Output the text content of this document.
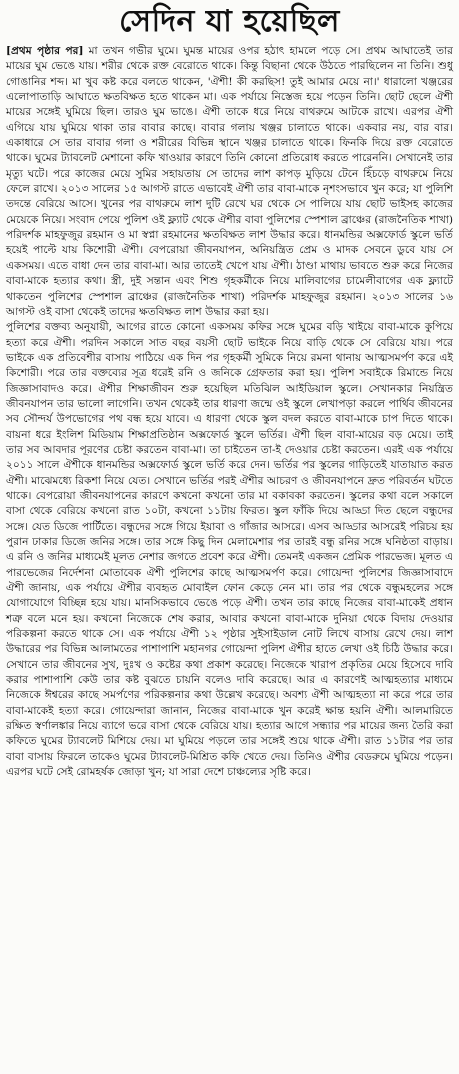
সেদিন যা হয়েছিল

[প্রথম পৃষ্ঠার পর] মা তখন গভীর ঘুমে। ঘুমন্ত মায়ের ওপর হঠাৎ হামলে পড়ে সে। প্রথম আঘাতেই তার মায়ের ঘুম ভেঙে যায়। শরীর থেকে রক্ত বেরোতে থাকে। কিন্তু বিছানা থেকে উঠতে পারছিলেন না তিনি। শুধু গোঙানির শব্দ। মা খুব কষ্ট করে বলতে থাকেন, 'ঐশী! কী করছিস! তুই আমার মেয়ে না।' ধারালো খঞ্জরের এলোপাতাড়ি আঘাতে ক্ষতবিক্ষত হতে থাকেন মা। এক পর্যায়ে নিস্তেজ হয়ে পড়েন তিনি। ছোট ছেলে ঐশী মায়ের সঙ্গেই ঘুমিয়ে ছিল। তারও ঘুম ভাঙে। ঐশী তাকে ধরে নিয়ে বাথরুমে আটকে রাখে। এরপর ঐশী এগিয়ে যায় ঘুমিয়ে থাকা তার বাবার কাছে। বাবার গলায় খঞ্জর চালাতে থাকে। একবার নয়, বার বার। একাধারে সে তার বাবার গলা ও শরীরের বিভিন্ন স্থানে খঞ্জর চালাতে থাকে। ফিনকি দিয়ে রক্ত বেরোতে থাকে। ঘুমের ট্যাবলেট মেশানো কফি খাওয়ার কারণে তিনি কোনো প্রতিরোধ করতে পারেননি। সেখানেই তার মৃত্যু ঘটে। পরে কাজের মেয়ে সুমির সহায়তায় সে তাদের লাশ কাপড় মুড়িয়ে টেনে হিঁচড়ে বাথরুমে নিয়ে ফেলে রাখে। ২০১৩ সালের ১৫ আগস্ট রাতে এভাবেই ঐশী তার বাবা-মাকে নৃশংসভাবে খুন করে; যা পুলিশি তদন্তে বেরিয়ে আসে। খুনের পর বাথরুমে লাশ দুটি রেখে ঘর থেকে সে পালিয়ে যায় ছোট ভাইসহ কাজের মেয়েকে নিয়ে। সংবাদ পেয়ে পুলিশ ওই ফ্ল্যাট থেকে ঐশীর বাবা পুলিশের স্পেশাল ব্রাঞ্চের (রাজনৈতিক শাখা) পরিদর্শক মাহফুজুর রহমান ও মা স্বপ্না রহমানের ক্ষতবিক্ষত লাশ উদ্ধার করে। ধানমন্ডির অক্সফোর্ড স্কুলে ভর্তি হয়েই পাল্টে যায় কিশোরী ঐশী। বেপরোয়া জীবনযাপন, অনিয়ন্ত্রিত প্রেম ও মাদক সেবনে ডুবে যায় সে একসময়। এতে বাধা দেন তার বাবা-মা। আর তাতেই খেপে যায় ঐশী। ঠাণ্ডা মাথায় ভাবতে শুরু করে নিজের বাবা-মাকে হত্যার কথা। স্ত্রী, দুই সন্তান এবং শিশু গৃহকর্মীকে নিয়ে মালিবাগের চামেলীবাগের এক ফ্ল্যাটে থাকতেন পুলিশের স্পেশাল ব্রাঞ্চের (রাজনৈতিক শাখা) পরিদর্শক মাহফুজুর রহমান। ২০১৩ সালের ১৬ আগস্ট ওই বাসা থেকেই তাদের ক্ষতবিক্ষত লাশ উদ্ধার করা হয়।

পুলিশের বক্তব্য অনুযায়ী, আগের রাতে কোনো একসময় কফির সঙ্গে ঘুমের বড়ি খাইয়ে বাবা-মাকে কুপিয়ে হত্যা করে ঐশী। পরদিন সকালে সাত বছর বয়সী ছোট ভাইকে নিয়ে বাড়ি থেকে সে বেরিয়ে যায়। পরে ভাইকে এক প্রতিবেশীর বাসায় পাঠিয়ে এক দিন পর গৃহকর্মী সুমিকে নিয়ে রমনা থানায় আত্মসমর্পণ করে এই কিশোরী। পরে তার বক্তব্যের সূত্র ধরেই রনি ও জনিকে গ্রেফতার করা হয়। পুলিশ সবাইকে রিমান্ডে নিয়ে জিজ্ঞাসাবাদও করে। ঐশীর শিক্ষাজীবন শুরু হয়েছিল মতিঝিল আইডিয়াল স্কুলে। সেখানকার নিয়ন্ত্রিত জীবনযাপন তার ভালো লাগেনি। তখন থেকেই তার ধারণা জন্মে ওই স্কুলে লেখাপড়া করলে পার্থিব জীবনের সব সৌন্দর্য উপভোগের পথ বন্ধ হয়ে যাবে। এ ধারণা থেকে স্কুল বদল করতে বাবা-মাকে চাপ দিতে থাকে। বায়না ধরে ইংলিশ মিডিয়াম শিক্ষাপ্রতিষ্ঠান অক্সফোর্ড স্কুলে ভর্তির। ঐশী ছিল বাবা-মায়ের বড় মেয়ে। তাই তার সব আবদার পূরণের চেষ্টা করতেন বাবা-মা। তা চাইতেন তা-ই দেওয়ার চেষ্টা করতেন। এরই এক পর্যায়ে ২০১১ সালে ঐশীকে ধানমন্ডির অক্সফোর্ড স্কুলে ভর্তি করে দেন। ভর্তির পর স্কুলের গাড়িতেই যাতায়াত করত ঐশী। মাঝেমধ্যে রিকশা নিয়ে যেত। সেখানে ভর্তির পরই ঐশীর আচরণ ও জীবনযাপনে দ্রুত পরিবর্তন ঘটতে থাকে। বেপরোয়া জীবনযাপনের কারণে কখনো কখনো তার মা বকাবকা করতেন। স্কুলের কথা বলে সকালে বাসা থেকে বেরিয়ে কখনো রাত ১০টা, কখনো ১১টায় ফিরত। স্কুল ফাঁকি দিয়ে আড্ডা দিত ছেলে বন্ধুদের সঙ্গে। যেত ডিজে পার্টিতে। বন্ধুদের সঙ্গে গিয়ে ইয়াবা ও গাঁজার আসরে। এসব আড্ডার আসরেই পরিচয় হয় পুরান ঢাকার ডিজে জনির সঙ্গে। তার সঙ্গে কিছু দিন মেলামেশার পর তারই বন্ধু রনির সঙ্গে ঘনিষ্ঠতা বাড়ায়। এ রনি ও জনির মাধ্যমেই মূলত নেশার জগতে প্রবেশ করে ঐশী। তেমনই একজন প্রেমিক পারভেজ। মূলত এ পারভেজের নির্দেশনা মোতাবেক ঐশী পুলিশের কাছে আত্মসমর্পণ করে। গোয়েন্দা পুলিশের জিজ্ঞাসাবাদে ঐশী জানায়, এক পর্যায়ে ঐশীর ব্যবহৃত মোবাইল ফোন কেড়ে নেন মা। তার পর থেকে বন্ধুমহলের সঙ্গে যোগাযোগে বিচ্ছিন্ন হয়ে যায়। মানসিকভাবে ভেঙে পড়ে ঐশী। তখন তার কাছে নিজের বাবা-মাকেই প্রধান শত্রু বলে মনে হয়। কখনো নিজেকে শেষ করার, আবার কখনো বাবা-মাকে দুনিয়া থেকে বিদায় দেওয়ার পরিকল্পনা করতে থাকে সে। এক পর্যায়ে ঐশী ১২ পৃষ্ঠার সুইসাইডাল নোট লিখে বাসায় রেখে দেয়। লাশ উদ্ধারের পর বিভিন্ন আলামতের পাশাপাশি মহানগর গোয়েন্দা পুলিশ ঐশীর হাতে লেখা ওই চিঠি উদ্ধার করে। সেখানে তার জীবনের সুখ, দুঃখ ও কষ্টের কথা প্রকাশ করেছে। নিজেকে খারাপ প্রকৃতির মেয়ে হিসেবে দাবি করার পাশাপাশি কেউ তার কষ্ট বুঝতে চায়নি বলেও দাবি করেছে। আর এ কারণেই আত্মহত্যার মাধ্যমে নিজেকে ঈশ্বরের কাছে সমর্পণের পরিকল্পনার কথা উল্লেখ করেছে। অবশ্য ঐশী আত্মহত্যা না করে পরে তার বাবা-মাকেই হত্যা করে। গোয়েন্দারা জানান, নিজের বাবা-মাকে খুন করেই ক্ষান্ত হয়নি ঐশী। আলমারিতে রক্ষিত স্বর্ণালঙ্কার নিয়ে ব্যাগে ভরে বাসা থেকে বেরিয়ে যায়। হত্যার আগে সন্ধ্যার পর মায়ের জন্য তৈরি করা কফিতে ঘুমের ট্যাবলেট মিশিয়ে দেয়। মা ঘুমিয়ে পড়লে তার সঙ্গেই শুয়ে থাকে ঐশী। রাত ১১টার পর তার বাবা বাসায় ফিরলে তাকেও ঘুমের ট্যাবলেট-মিশ্রিত কফি খেতে দেয়। তিনিও ঐশীর বেডরুমে ঘুমিয়ে পড়েন। এরপর ঘটে সেই রোমহর্ষক জোড়া খুন; যা সারা দেশে চাঞ্চল্যের সৃষ্টি করে।
